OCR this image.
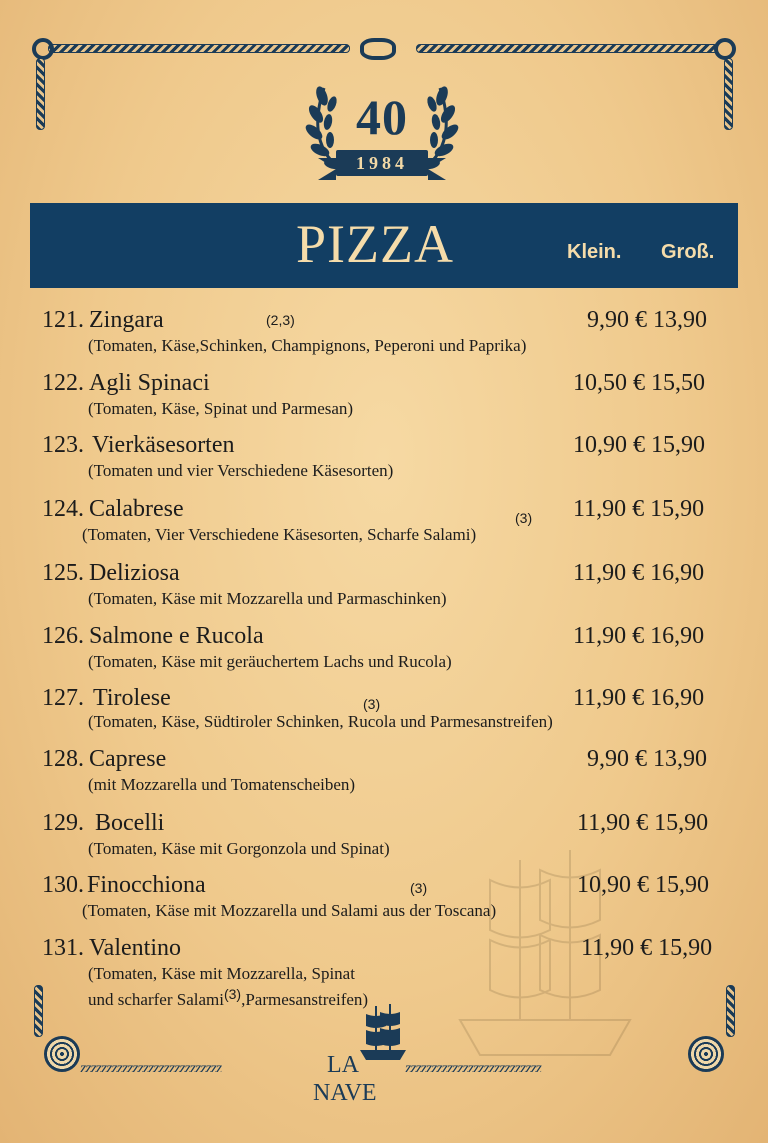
40
1984
PIZZA	Klein. Groß.
121. Zingara	(2,3)	9,90 € 13,90
(Tomaten, Käse,Schinken, Champignons, Peperoni und Paprika)
122. Agli Spinaci	10,50 € 15,50
(Tomaten, Käse, Spinat und Parmesan)
123. Vierkäsesorten	10,90 € 15,90
(Tomaten und vier Verschiedene Käsesorten)
124. Calabrese	(3) 11,90 € 15,90
(Tomaten, Vier Verschiedene Käsesorten, Scharfe Salami)
125. Deliziosa	11,90 € 16,90
(Tomaten, Käse mit Mozzarella und Parmaschinken)
126. Salmone e Rucola	11,90 € 16,90
(Tomaten, Käse mit geräuchertem Lachs und Rucola)
127. Tirolese	(3)	11,90 € 16,90
(Tomaten, Käse, Südtiroler Schinken, Rucola und Parmesanstreifen)
128. Caprese	9,90 € 13,90
(mit Mozzarella und Tomatenscheiben)
129. Bocelli	11,90 € 15,90
(Tomaten, Käse mit Gorgonzola und Spinat)
130. Finocchiona	(3)	10,90 € 15,90
(Tomaten, Käse mit Mozzarella und Salami aus der Toscana)
131. Valentino	11,90 € 15,90
(Tomaten, Käse mit Mozzarella, Spinat
und scharfer Salami$^{(3)}$,Parmesanstreifen)
zzzzzzzzzzzzzzzzzzzzzzzzzzz	zzzzzzzzzzzzzzzzzzzzzzzzzz
LA
NAVE
